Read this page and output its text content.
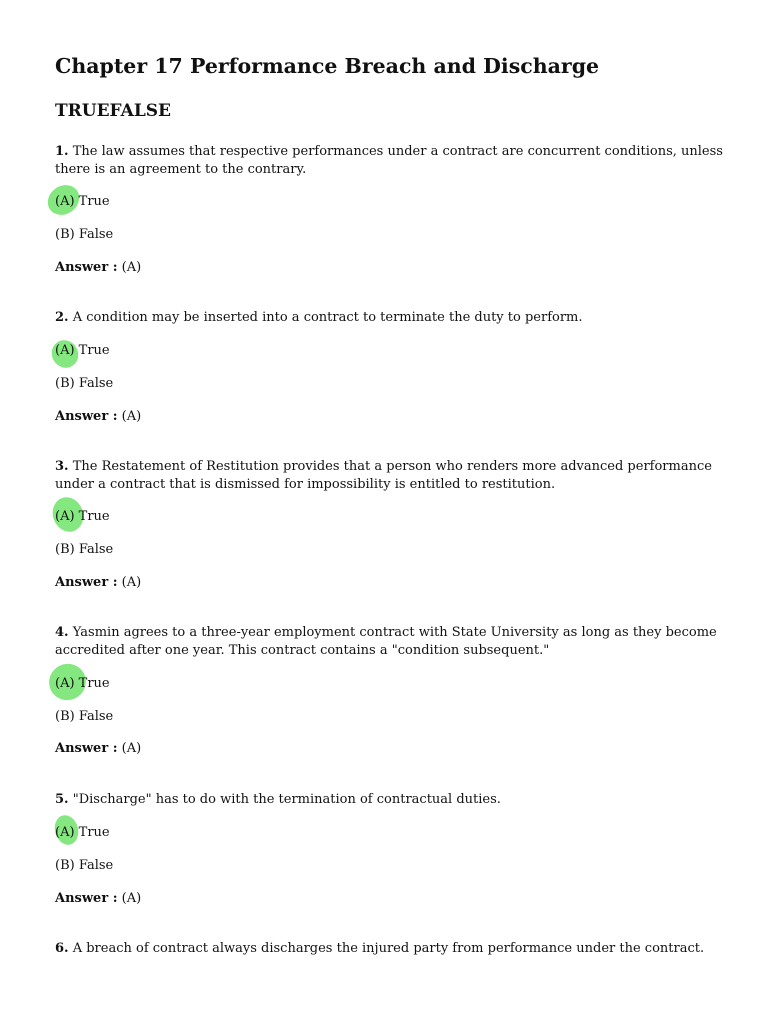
Chapter 17 Performance Breach and Discharge
TRUEFALSE

1. The law assumes that respective performances under a contract are concurrent conditions, unless there is an agreement to the contrary.

(A) True

(B) False

Answer : (A)

2. A condition may be inserted into a contract to terminate the duty to perform.

(A) True

(B) False

Answer : (A)

3. The Restatement of Restitution provides that a person who renders more advanced performance under a contract that is dismissed for impossibility is entitled to restitution.

(A) True

(B) False

Answer : (A)

4. Yasmin agrees to a three-year employment contract with State University as long as they become accredited after one year. This contract contains a "condition subsequent."

(A) True

(B) False

Answer : (A)

5. "Discharge" has to do with the termination of contractual duties.

(A) True

(B) False

Answer : (A)

6. A breach of contract always discharges the injured party from performance under the contract.
